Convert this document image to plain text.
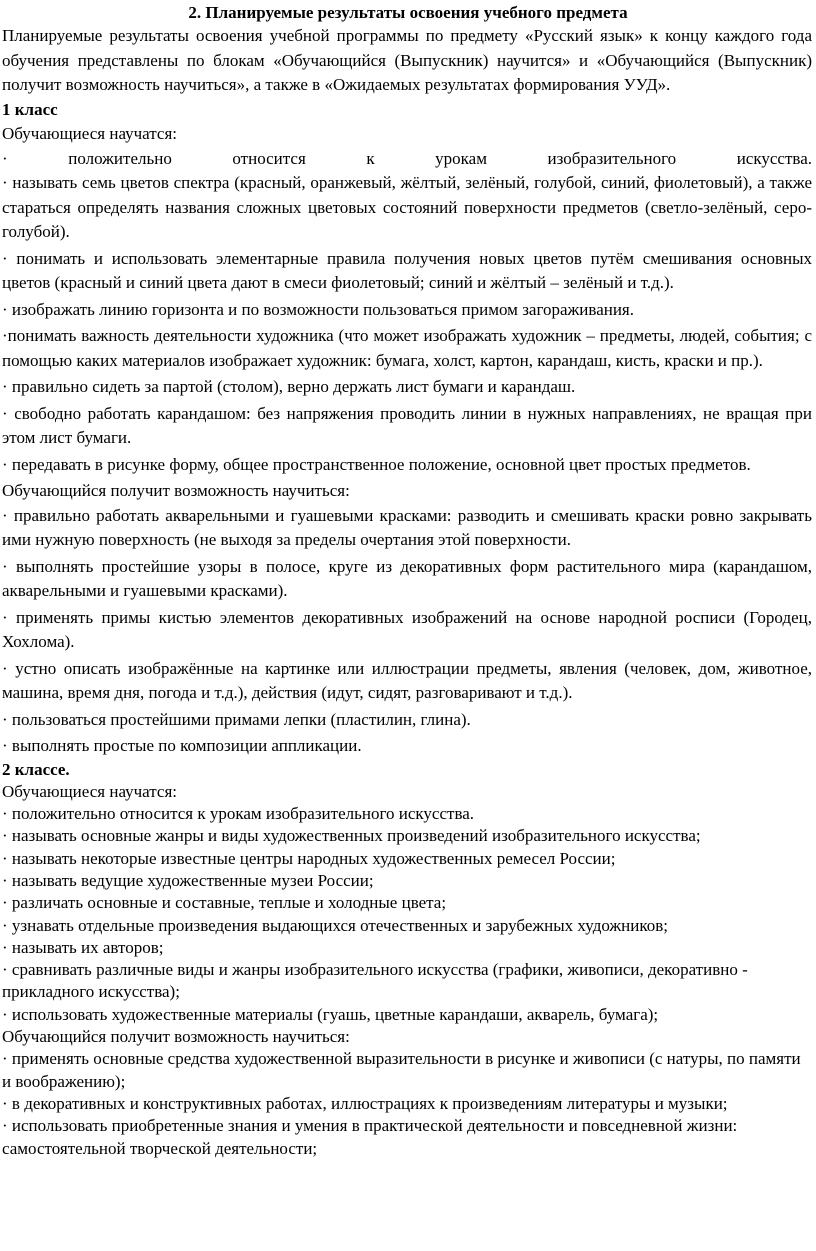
2. Планируемые результаты освоения учебного предмета

Планируемые результаты освоения учебной программы по предмету «Русский язык» к концу каждого года обучения представлены по блокам «Обучающийся (Выпускник) научится» и «Обучающийся (Выпускник) получит возможность научиться», а также в «Ожидаемых результатах формирования УУД».

1 класс

Обучающиеся научатся:

· положительно относится к урокам изобразительного искусства.

· называть семь цветов спектра (красный, оранжевый, жёлтый, зелёный, голубой, синий, фиолетовый), а также стараться определять названия сложных цветовых состояний поверхности предметов (светло-зелёный, серо-голубой).

· понимать и использовать элементарные правила получения новых цветов путём смешивания основных цветов (красный и синий цвета дают в смеси фиолетовый; синий и жёлтый – зелёный и т.д.).

· изображать линию горизонта и по возможности пользоваться примом загораживания.

·понимать важность деятельности художника (что может изображать художник – предметы, людей, события; с помощью каких материалов изображает художник: бумага, холст, картон, карандаш, кисть, краски и пр.).

· правильно сидеть за партой (столом), верно держать лист бумаги и карандаш.

· свободно работать карандашом: без напряжения проводить линии в нужных направлениях, не вращая при этом лист бумаги.

· передавать в рисунке форму, общее пространственное положение, основной цвет простых предметов.

Обучающийся получит возможность научиться:

· правильно работать акварельными и гуашевыми красками: разводить и смешивать краски ровно закрывать ими нужную поверхность (не выходя за пределы очертания этой поверхности.

· выполнять простейшие узоры в полосе, круге из декоративных форм растительного мира (карандашом, акварельными и гуашевыми красками).

· применять примы кистью элементов декоративных изображений на основе народной росписи (Городец, Хохлома).

· устно описать изображённые на картинке или иллюстрации предметы, явления (человек, дом, животное, машина, время дня, погода и т.д.), действия (идут, сидят, разговаривают и т.д.).

· пользоваться простейшими примами лепки (пластилин, глина).

· выполнять простые по композиции аппликации.

2 классе.

Обучающиеся научатся:

· положительно относится к урокам изобразительного искусства.

· называть основные жанры и виды художественных произведений изобразительного искусства;

· называть некоторые известные центры народных художественных ремесел России;

· называть ведущие художественные музеи России;

· различать основные и составные, теплые и холодные цвета;

· узнавать отдельные произведения выдающихся отечественных и зарубежных художников;

· называть их авторов;

· сравнивать различные виды и жанры изобразительного искусства (графики, живописи, декоративно - прикладного искусства);

· использовать художественные материалы (гуашь, цветные карандаши, акварель, бумага);

Обучающийся получит возможность научиться:

· применять основные средства художественной выразительности в рисунке и живописи (с натуры, по памяти и воображению);

· в декоративных и конструктивных работах, иллюстрациях к произведениям литературы и музыки;

· использовать приобретенные знания и умения в практической деятельности и повседневной жизни: самостоятельной творческой деятельности;
